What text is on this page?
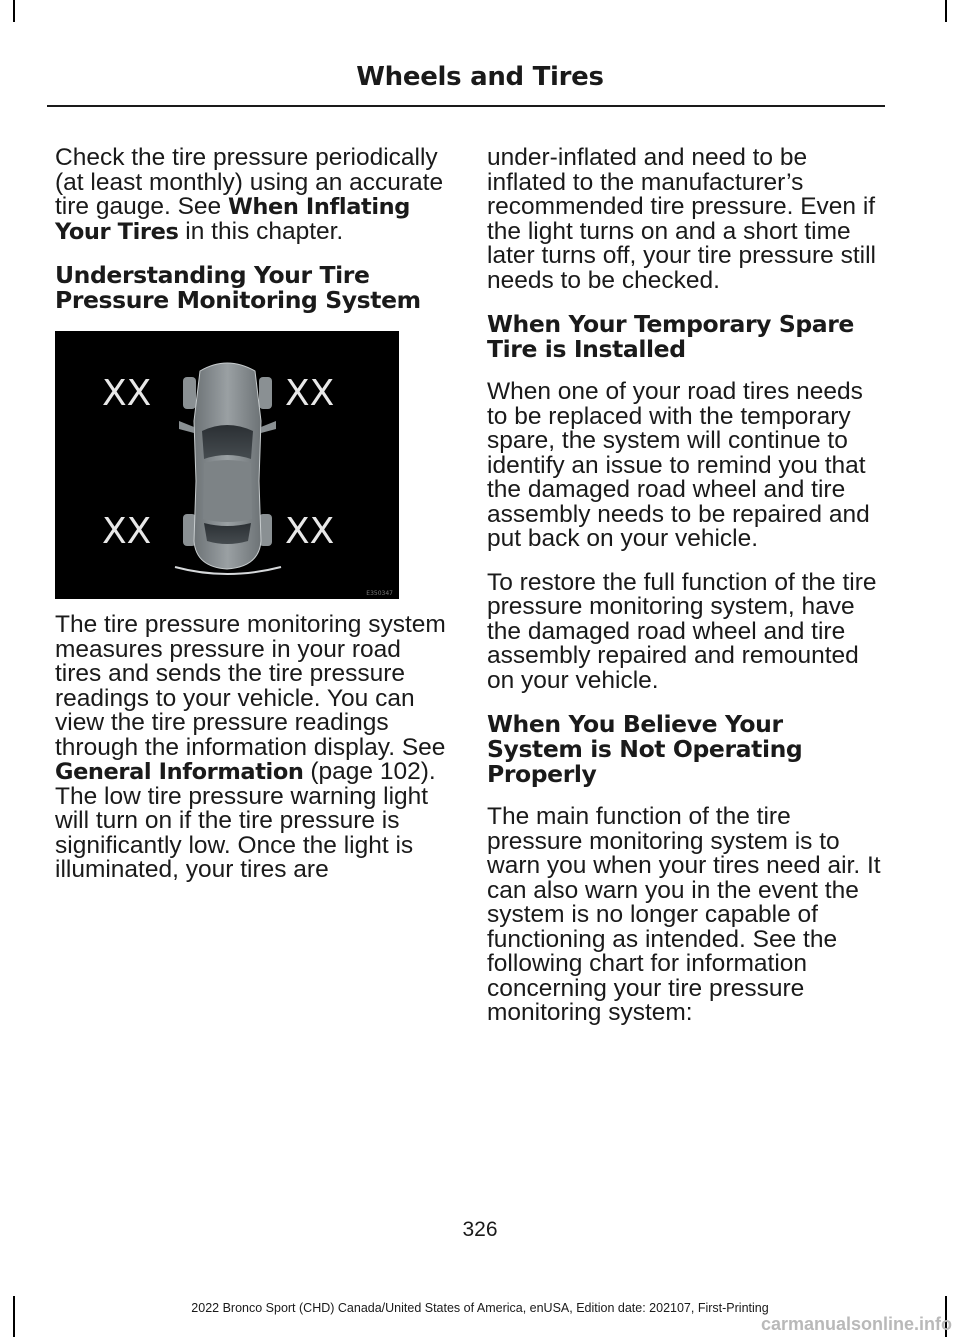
Wheels and Tires

Check the tire pressure periodically (at least monthly) using an accurate tire gauge. See When Inflating Your Tires in this chapter.

Understanding Your Tire Pressure Monitoring System
XX	XX
XX	XX
E350347

The tire pressure monitoring system measures pressure in your road tires and sends the tire pressure readings to your vehicle. You can view the tire pressure readings through the information display. See General Information (page 102). The low tire pressure warning light will turn on if the tire pressure is significantly low. Once the light is illuminated, your tires are

under-inflated and need to be inflated to the manufacturer’s recommended tire pressure. Even if the light turns on and a short time later turns off, your tire pressure still needs to be checked.

When Your Temporary Spare Tire is Installed

When one of your road tires needs to be replaced with the temporary spare, the system will continue to identify an issue to remind you that the damaged road wheel and tire assembly needs to be repaired and put back on your vehicle.

To restore the full function of the tire pressure monitoring system, have the damaged road wheel and tire assembly repaired and remounted on your vehicle.

When You Believe Your System is Not Operating Properly

The main function of the tire pressure monitoring system is to warn you when your tires need air. It can also warn you in the event the system is no longer capable of functioning as intended. See the following chart for information concerning your tire pressure monitoring system:

326
2022 Bronco Sport (CHD) Canada/United States of America, enUSA, Edition date: 202107, First-Printing
carmanualsonline.info
